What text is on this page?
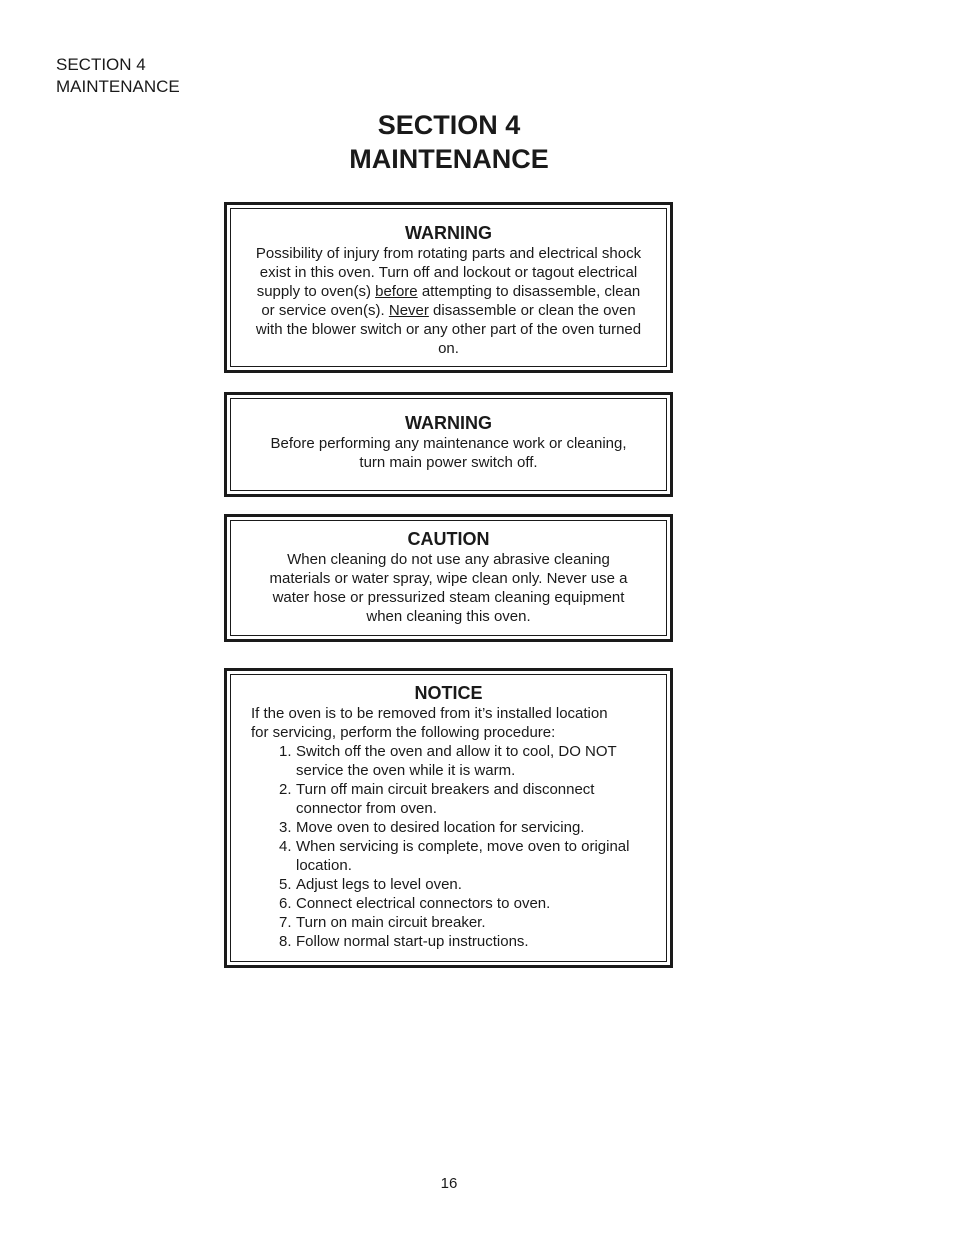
SECTION 4
MAINTENANCE
SECTION 4
MAINTENANCE
WARNING
Possibility of injury from rotating parts and electrical shock exist in this oven. Turn off and lockout or tagout electrical supply to oven(s) before attempting to disassemble, clean or service oven(s). Never disassemble or clean the oven with the blower switch or any other part of the oven turned on.
WARNING
Before performing any maintenance work or cleaning, turn main power switch off.
CAUTION
When cleaning do not use any abrasive cleaning materials or water spray, wipe clean only. Never use a water hose or pressurized steam cleaning equipment when cleaning this oven.
NOTICE
If the oven is to be removed from it’s installed location for servicing, perform the following procedure:
1. Switch off the oven and allow it to cool, DO NOT service the oven while it is warm.
2. Turn off main circuit breakers and disconnect connector from oven.
3. Move oven to desired location for servicing.
4. When servicing is complete, move oven to original location.
5. Adjust legs to level oven.
6. Connect electrical connectors to oven.
7. Turn on main circuit breaker.
8. Follow normal start-up instructions.
16
